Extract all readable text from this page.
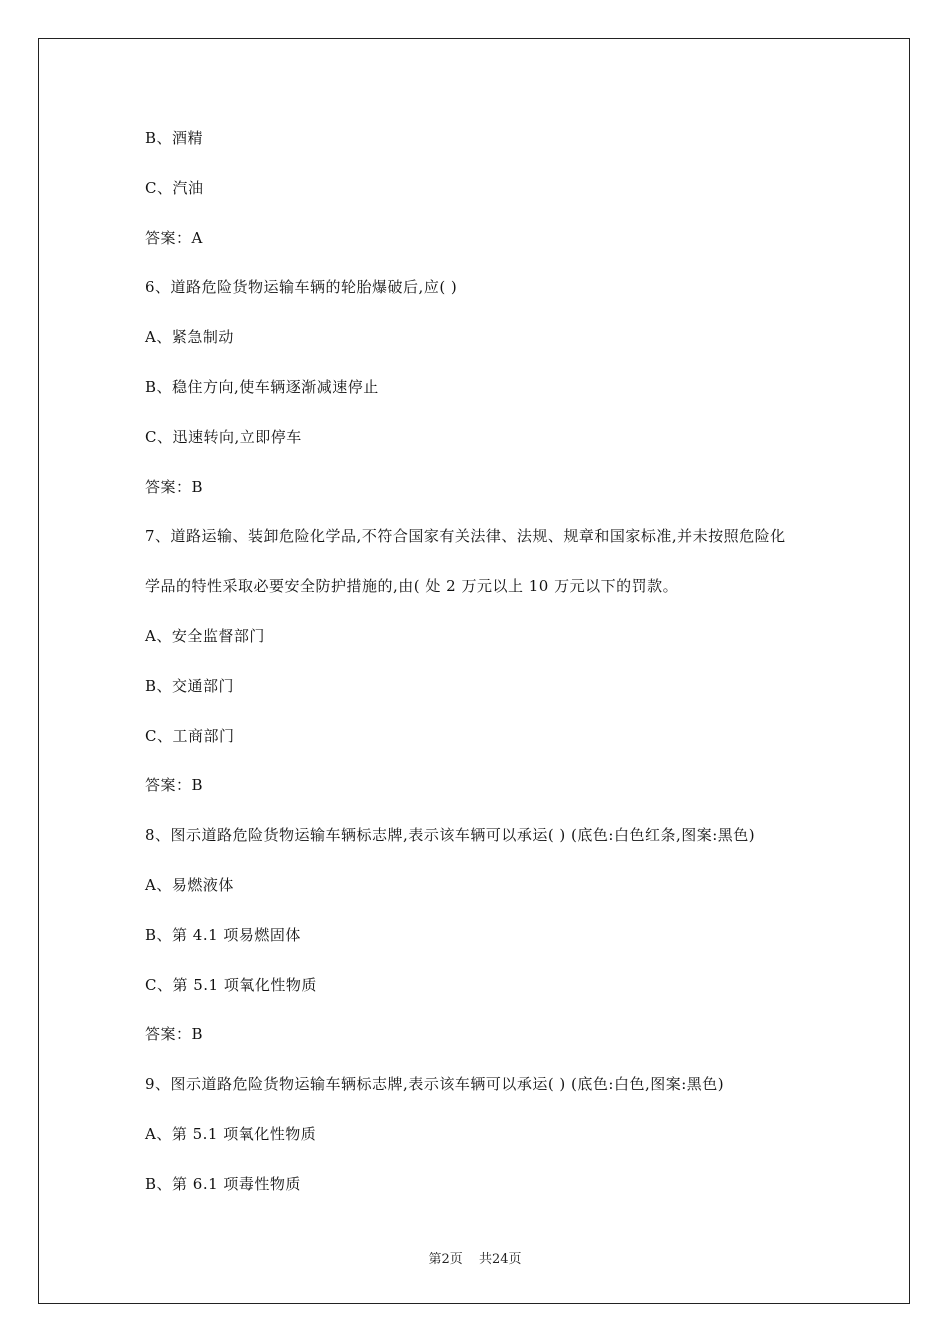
B、酒精
C、汽油
答案：A
6、道路危险货物运输车辆的轮胎爆破后,应( )
A、紧急制动
B、稳住方向,使车辆逐渐减速停止
C、迅速转向,立即停车
答案：B
7、道路运输、装卸危险化学品,不符合国家有关法律、法规、规章和国家标准,并未按照危险化
学品的特性采取必要安全防护措施的,由( 处 2 万元以上 10 万元以下的罚款。
A、安全监督部门
B、交通部门
C、工商部门
答案：B
8、图示道路危险货物运输车辆标志牌,表示该车辆可以承运( ) (底色:白色红条,图案:黑色)
A、易燃液体
B、第 4.1 项易燃固体
C、第 5.1 项氧化性物质
答案：B
9、图示道路危险货物运输车辆标志牌,表示该车辆可以承运( ) (底色:白色,图案:黑色)
A、第 5.1 项氧化性物质
B、第 6.1 项毒性物质
第2页 共24页
